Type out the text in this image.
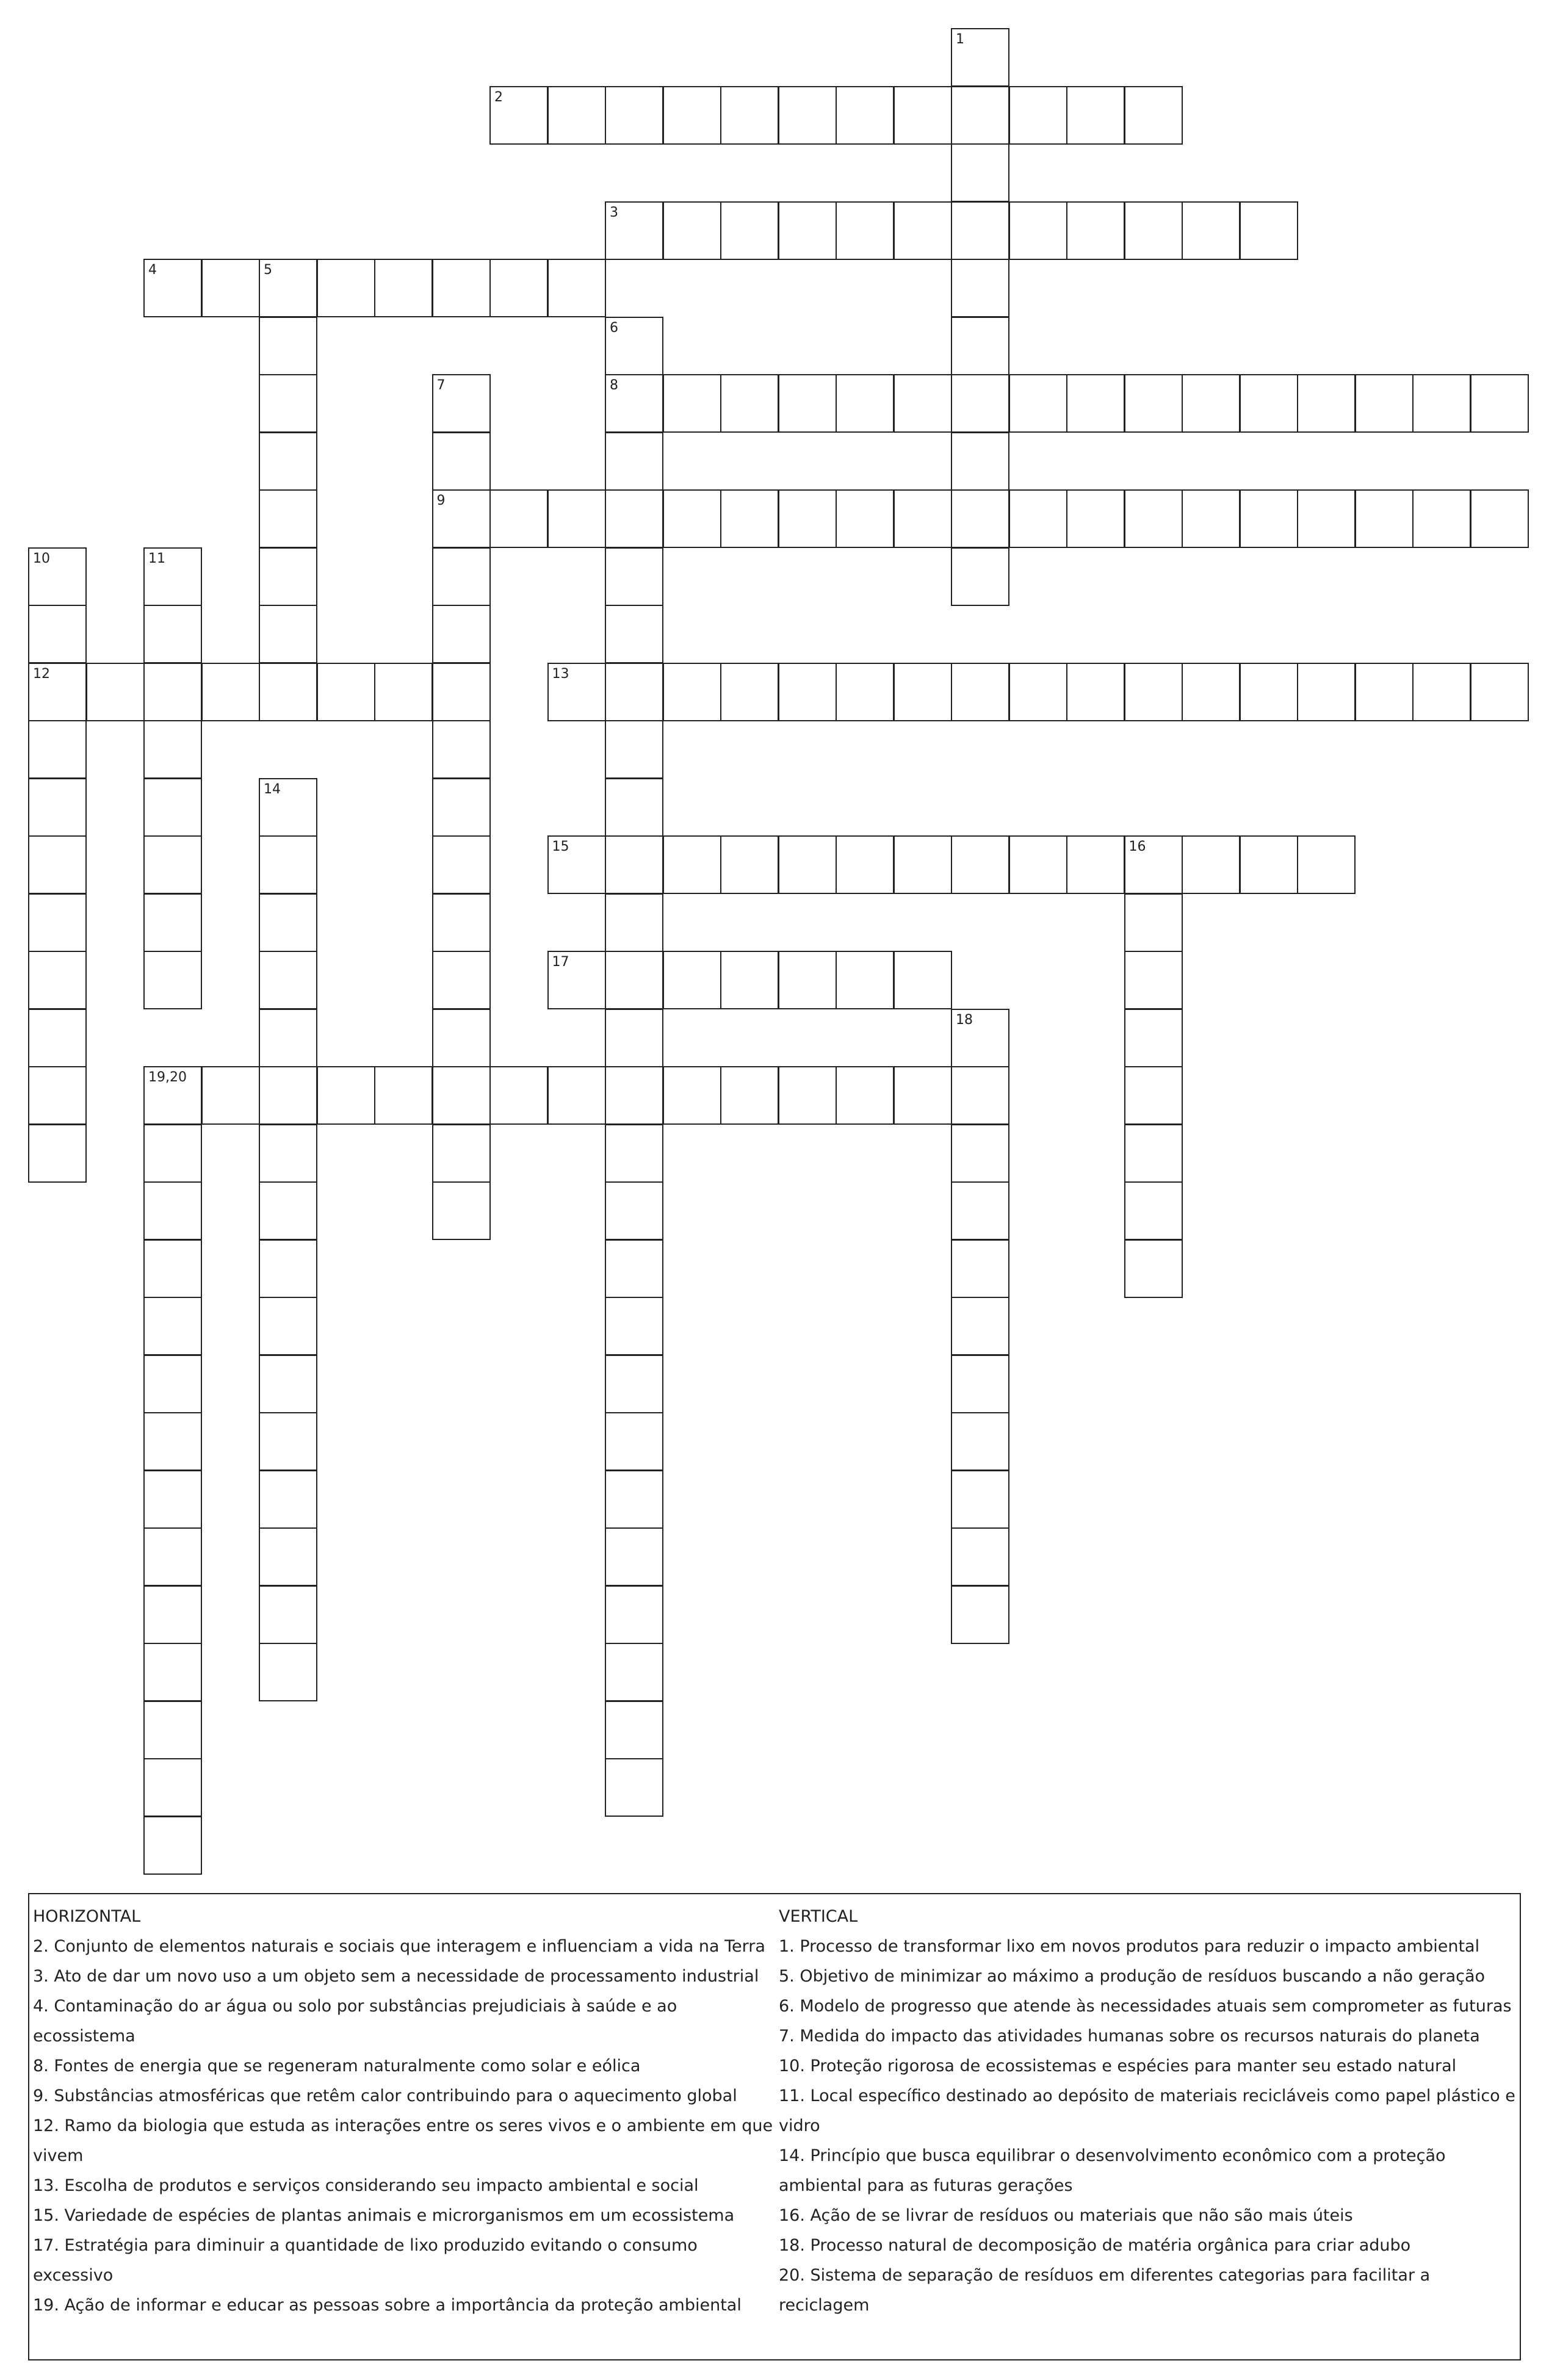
2
3
4	5
8
9
12	13
15	16
17
19,20
1
6
7
10	11
14
18
HORIZONTAL

2. Conjunto de elementos naturais e sociais que interagem e influenciam a vida na Terra

3. Ato de dar um novo uso a um objeto sem a necessidade de processamento industrial

4. Contaminação do ar água ou solo por substâncias prejudiciais à saúde e ao ecossistema

8. Fontes de energia que se regeneram naturalmente como solar e eólica

9. Substâncias atmosféricas que retêm calor contribuindo para o aquecimento global

12. Ramo da biologia que estuda as interações entre os seres vivos e o ambiente em que vivem

13. Escolha de produtos e serviços considerando seu impacto ambiental e social

15. Variedade de espécies de plantas animais e microrganismos em um ecossistema

17. Estratégia para diminuir a quantidade de lixo produzido evitando o consumo excessivo

19. Ação de informar e educar as pessoas sobre a importância da proteção ambiental

VERTICAL

1. Processo de transformar lixo em novos produtos para reduzir o impacto ambiental

5. Objetivo de minimizar ao máximo a produção de resíduos buscando a não geração

6. Modelo de progresso que atende às necessidades atuais sem comprometer as futuras

7. Medida do impacto das atividades humanas sobre os recursos naturais do planeta

10. Proteção rigorosa de ecossistemas e espécies para manter seu estado natural

11. Local específico destinado ao depósito de materiais recicláveis como papel plástico e vidro

14. Princípio que busca equilibrar o desenvolvimento econômico com a proteção ambiental para as futuras gerações

16. Ação de se livrar de resíduos ou materiais que não são mais úteis

18. Processo natural de decomposição de matéria orgânica para criar adubo

20. Sistema de separação de resíduos em diferentes categorias para facilitar a reciclagem
